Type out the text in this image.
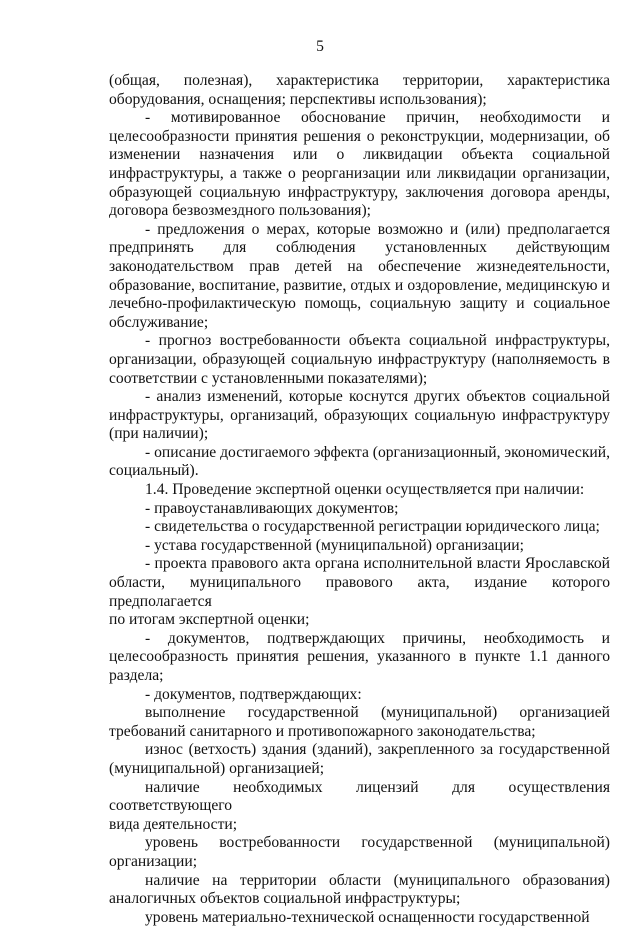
5
(общая, полезная), характеристика территории, характеристика
оборудования, оснащения; перспективы использования);
- мотивированное обоснование причин, необходимости и
целесообразности принятия решения о реконструкции, модернизации, об
изменении назначения или о ликвидации объекта социальной
инфраструктуры, а также о реорганизации или ликвидации организации,
образующей социальную инфраструктуру, заключения договора аренды,
договора безвозмездного пользования);
- предложения о мерах, которые возможно и (или) предполагается
предпринять для соблюдения установленных действующим
законодательством прав детей на обеспечение жизнедеятельности,
образование, воспитание, развитие, отдых и оздоровление, медицинскую и
лечебно-профилактическую помощь, социальную защиту и социальное
обслуживание;
- прогноз востребованности объекта социальной инфраструктуры,
организации, образующей социальную инфраструктуру (наполняемость в
соответствии с установленными показателями);
- анализ изменений, которые коснутся других объектов социальной
инфраструктуры, организаций, образующих социальную инфраструктуру
(при наличии);
- описание достигаемого эффекта (организационный, экономический,
социальный).
1.4. Проведение экспертной оценки осуществляется при наличии:
- правоустанавливающих документов;
- свидетельства о государственной регистрации юридического лица;
- устава государственной (муниципальной) организации;
- проекта правового акта органа исполнительной власти Ярославской
области, муниципального правового акта, издание которого предполагается
по итогам экспертной оценки;
- документов, подтверждающих причины, необходимость и
целесообразность принятия решения, указанного в пункте 1.1 данного
раздела;
- документов, подтверждающих:
выполнение государственной (муниципальной) организацией
требований санитарного и противопожарного законодательства;
износ (ветхость) здания (зданий), закрепленного за государственной
(муниципальной) организацией;
наличие необходимых лицензий для осуществления соответствующего
вида деятельности;
уровень востребованности государственной (муниципальной)
организации;
наличие на территории области (муниципального образования)
аналогичных объектов социальной инфраструктуры;
уровень материально-технической оснащенности государственной
